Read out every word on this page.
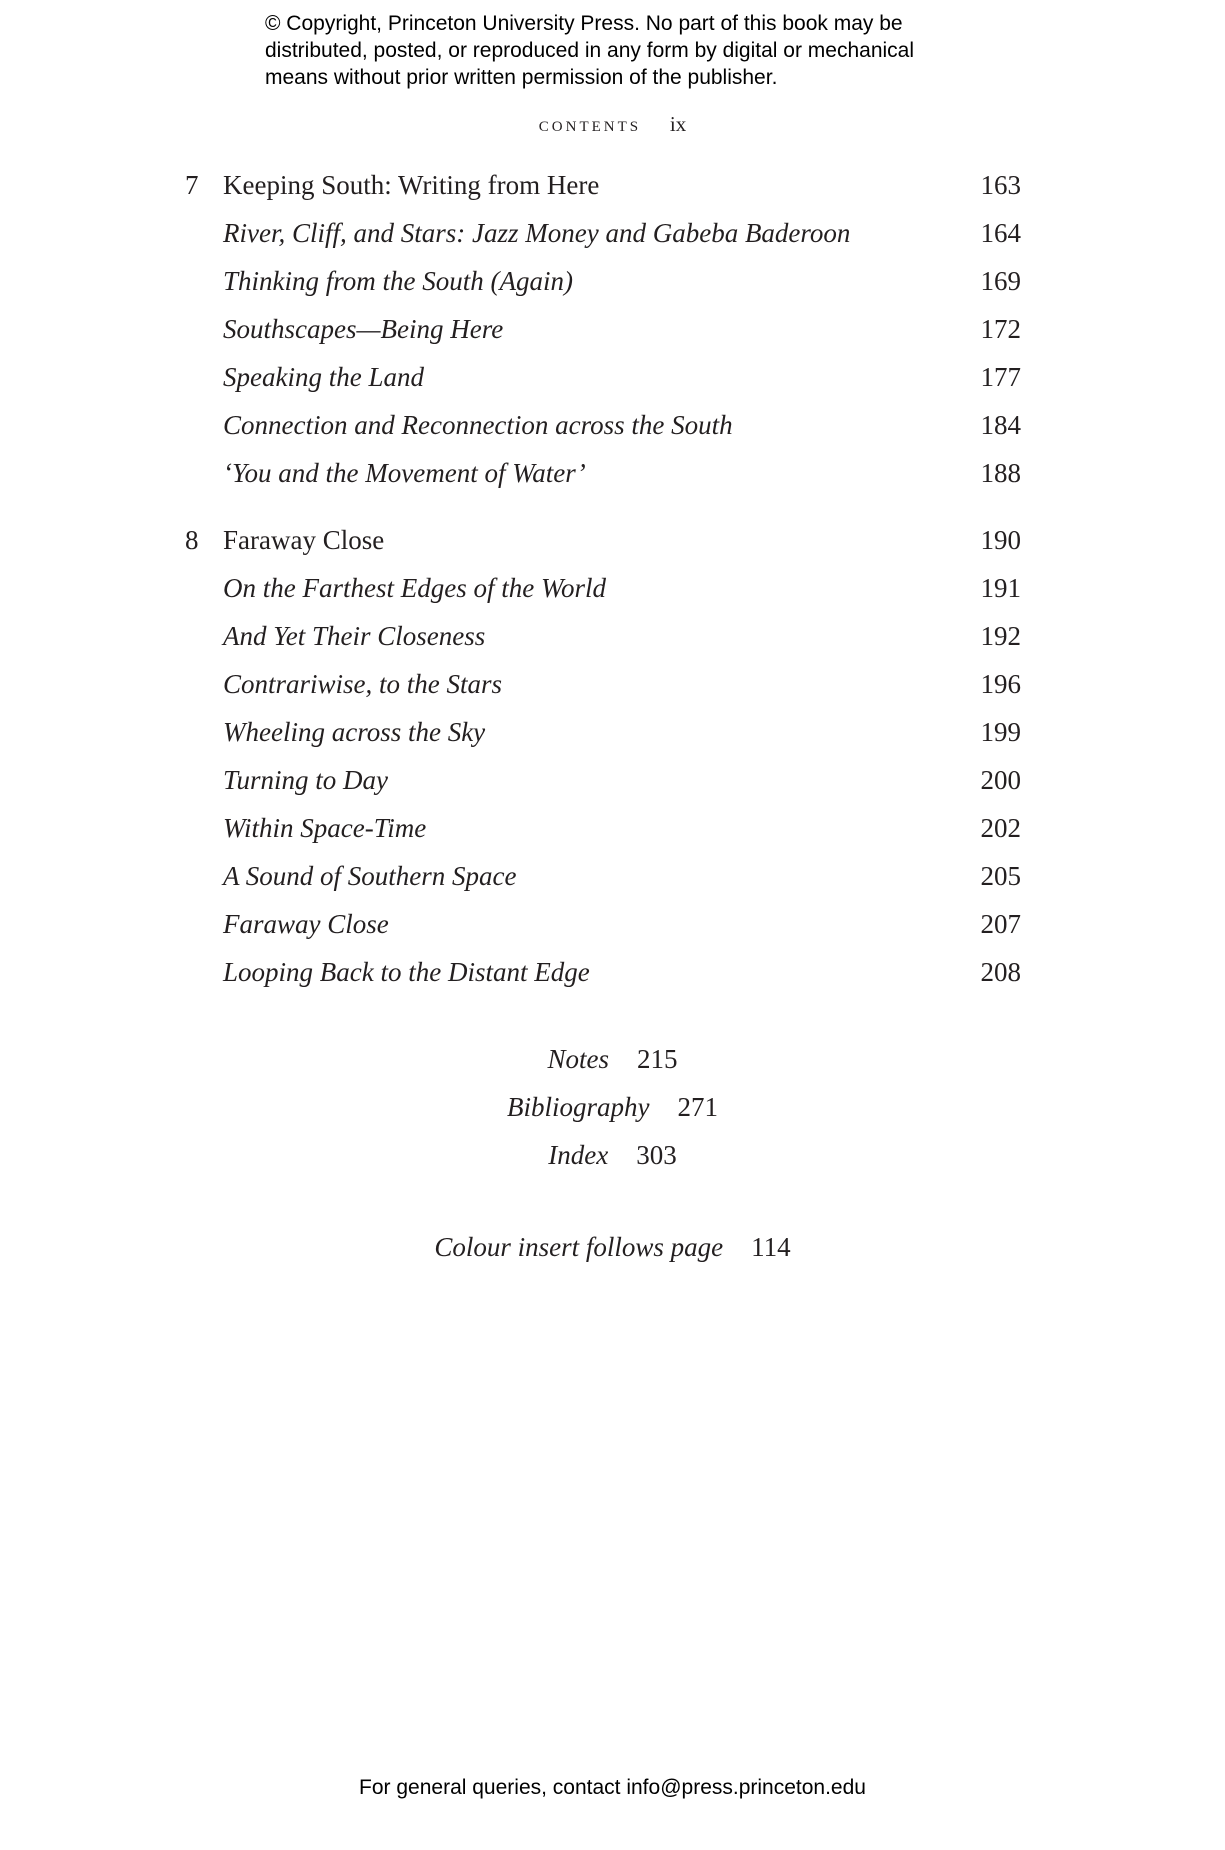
© Copyright, Princeton University Press. No part of this book may be
distributed, posted, or reproduced in any form by digital or mechanical
means without prior written permission of the publisher.
CONTENTS ix
7 Keeping South: Writing from Here	163
River, Cliff, and Stars: Jazz Money and Gabeba Baderoon	164
Thinking from the South (Again)	169
Southscapes—Being Here	172
Speaking the Land	177
Connection and Reconnection across the South	184
‘You and the Movement of Water’	188
8 Faraway Close	190
On the Farthest Edges of the World	191
And Yet Their Closeness	192
Contrariwise, to the Stars	196
Wheeling across the Sky	199
Turning to Day	200
Within Space-Time	202
A Sound of Southern Space	205
Faraway Close	207
Looping Back to the Distant Edge	208
Notes 215
Bibliography 271
Index 303
Colour insert follows page 114
For general queries, contact info@press.princeton.edu
